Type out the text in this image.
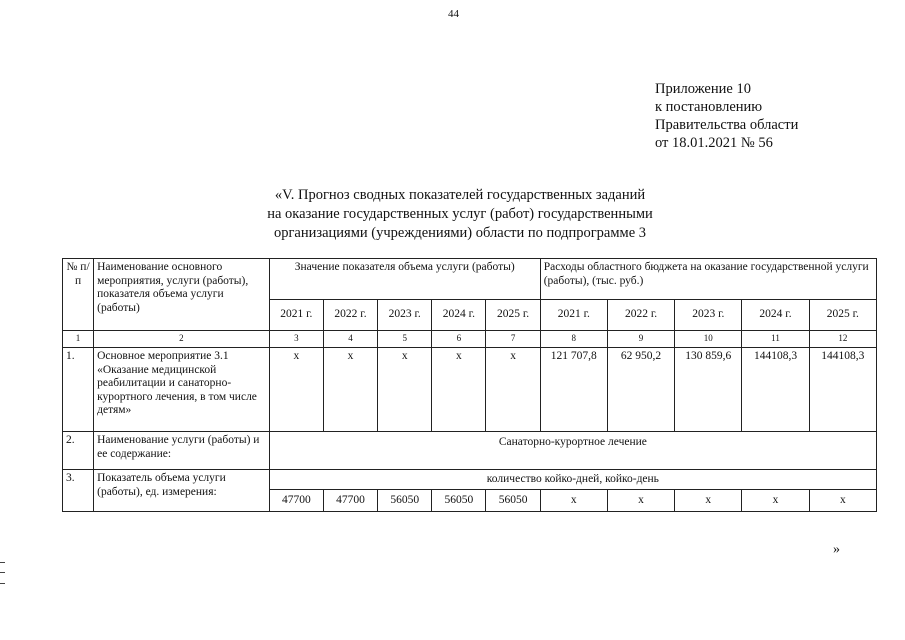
44
Приложение 10
к постановлению
Правительства области
от 18.01.2021 № 56
«V. Прогноз сводных показателей государственных заданий
на оказание государственных услуг (работ) государственными
организациями (учреждениями) области по подпрограмме 3
№ п/п	Наименование основного мероприятия, услуги (работы), показателя объема услуги (работы)	Значение показателя объема услуги (работы)					Расходы областного бюджета на оказание государственной услуги (работы), (тыс. руб.)				
		2021 г.	2022 г.	2023 г.	2024 г.	2025 г.	2021 г.	2022 г.	2023 г.	2024 г.	2025 г.
1	2	3	4	5	6	7	8	9	10	11	12
1.	Основное мероприятие 3.1 «Оказание медицинской реабилитации и санаторно-курортного лечения, в том числе детям»	х	х	х	х	х	121 707,8	62 950,2	130 859,6	144108,3	144108,3
2.	Наименование услуги (работы) и ее содержание:	Санаторно-курортное лечение									
3.	Показатель объема услуги (работы), ед. измерения:	количество койко-дней, койко-день									
		47700	47700	56050	56050	56050	х	х	х	х	х
»
